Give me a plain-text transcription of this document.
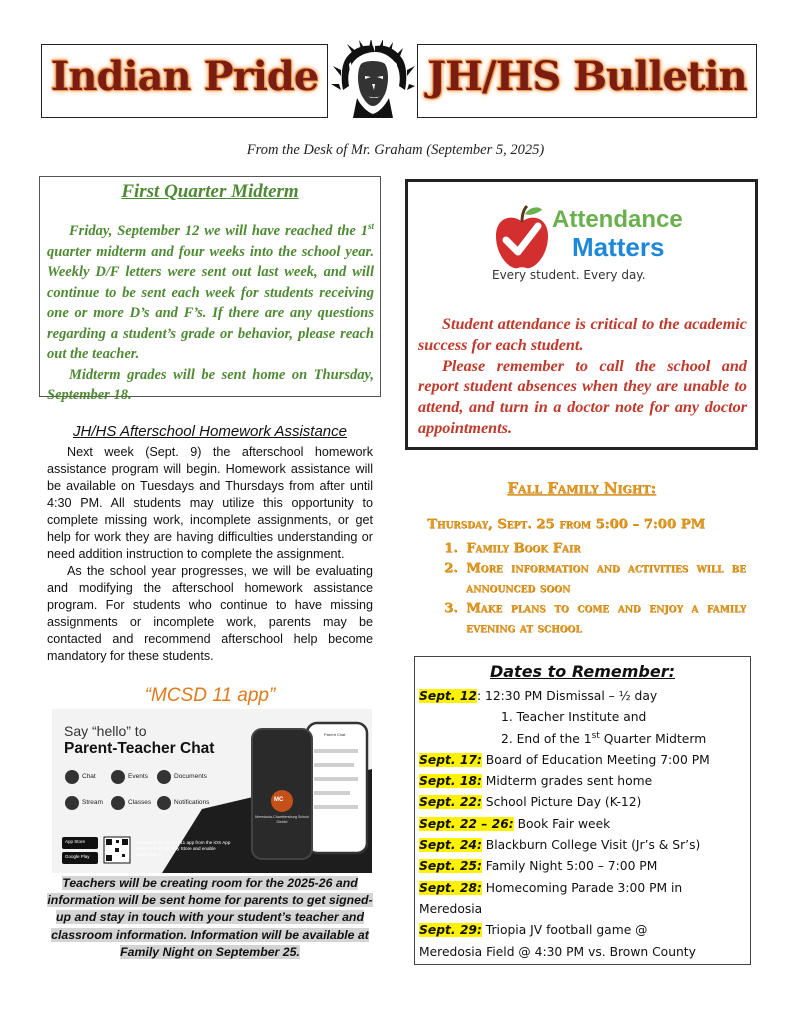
Indian Pride	JH/HS Bulletin
From the Desk of Mr. Graham (September 5, 2025)
First Quarter Midterm

Friday, September 12 we will have reached the 1st quarter midterm and four weeks into the school year. Weekly D/F letters were sent out last week, and will continue to be sent each week for students receiving one or more D’s and F’s. If there are any questions regarding a student’s grade or behavior, please reach out the teacher.

Midterm grades will be sent home on Thursday, September 18.

JH/HS Afterschool Homework Assistance

Next week (Sept. 9) the afterschool homework assistance program will begin. Homework assistance will be available on Tuesdays and Thursdays from after until 4:30 PM. All students may utilize this opportunity to complete missing work, incomplete assignments, or get help for work they are having difficulties understanding or need addition instruction to complete the assignment.

As the school year progresses, we will be evaluating and modifying the afterschool homework assistance program. For students who continue to have missing assignments or incomplete work, parents may be contacted and recommend afterschool help become mandatory for these students.

“MCSD 11 app”
Say “hello” to
Parent-Teacher Chat
Chat	Events	Documents
Stream	Classes	Notifications
App Store
Google Play
Download the MCSD-11 app from the iOS App Store or Android Play Store and enable Notifications.
MC
Meredosia-Chambersburg School District
Parent Chat
Teachers will be creating room for the 2025-26 and information will be sent home for parents to get signed-up and stay in touch with your student’s teacher and classroom information. Information will be available at Family Night on September 25.
Attendance
Matters
Every student. Every day.

Student attendance is critical to the academic success for each student.

Please remember to call the school and report student absences when they are unable to attend, and turn in a doctor note for any doctor appointments.

Fall Family Night:
Thursday, Sept. 25 from 5:00 – 7:00 PM
1. Family Book Fair
2. More information and activities will be announced soon
3. Make plans to come and enjoy a family evening at school
Dates to Remember:
Sept. 12: 12:30 PM Dismissal – ½ day
1. Teacher Institute and
2. End of the 1st Quarter Midterm
Sept. 17: Board of Education Meeting 7:00 PM
Sept. 18: Midterm grades sent home
Sept. 22: School Picture Day (K-12)
Sept. 22 – 26: Book Fair week
Sept. 24: Blackburn College Visit (Jr’s & Sr’s)
Sept. 25: Family Night 5:00 – 7:00 PM
Sept. 28: Homecoming Parade 3:00 PM in
Meredosia
Sept. 29: Triopia JV football game @
Meredosia Field @ 4:30 PM vs. Brown County
